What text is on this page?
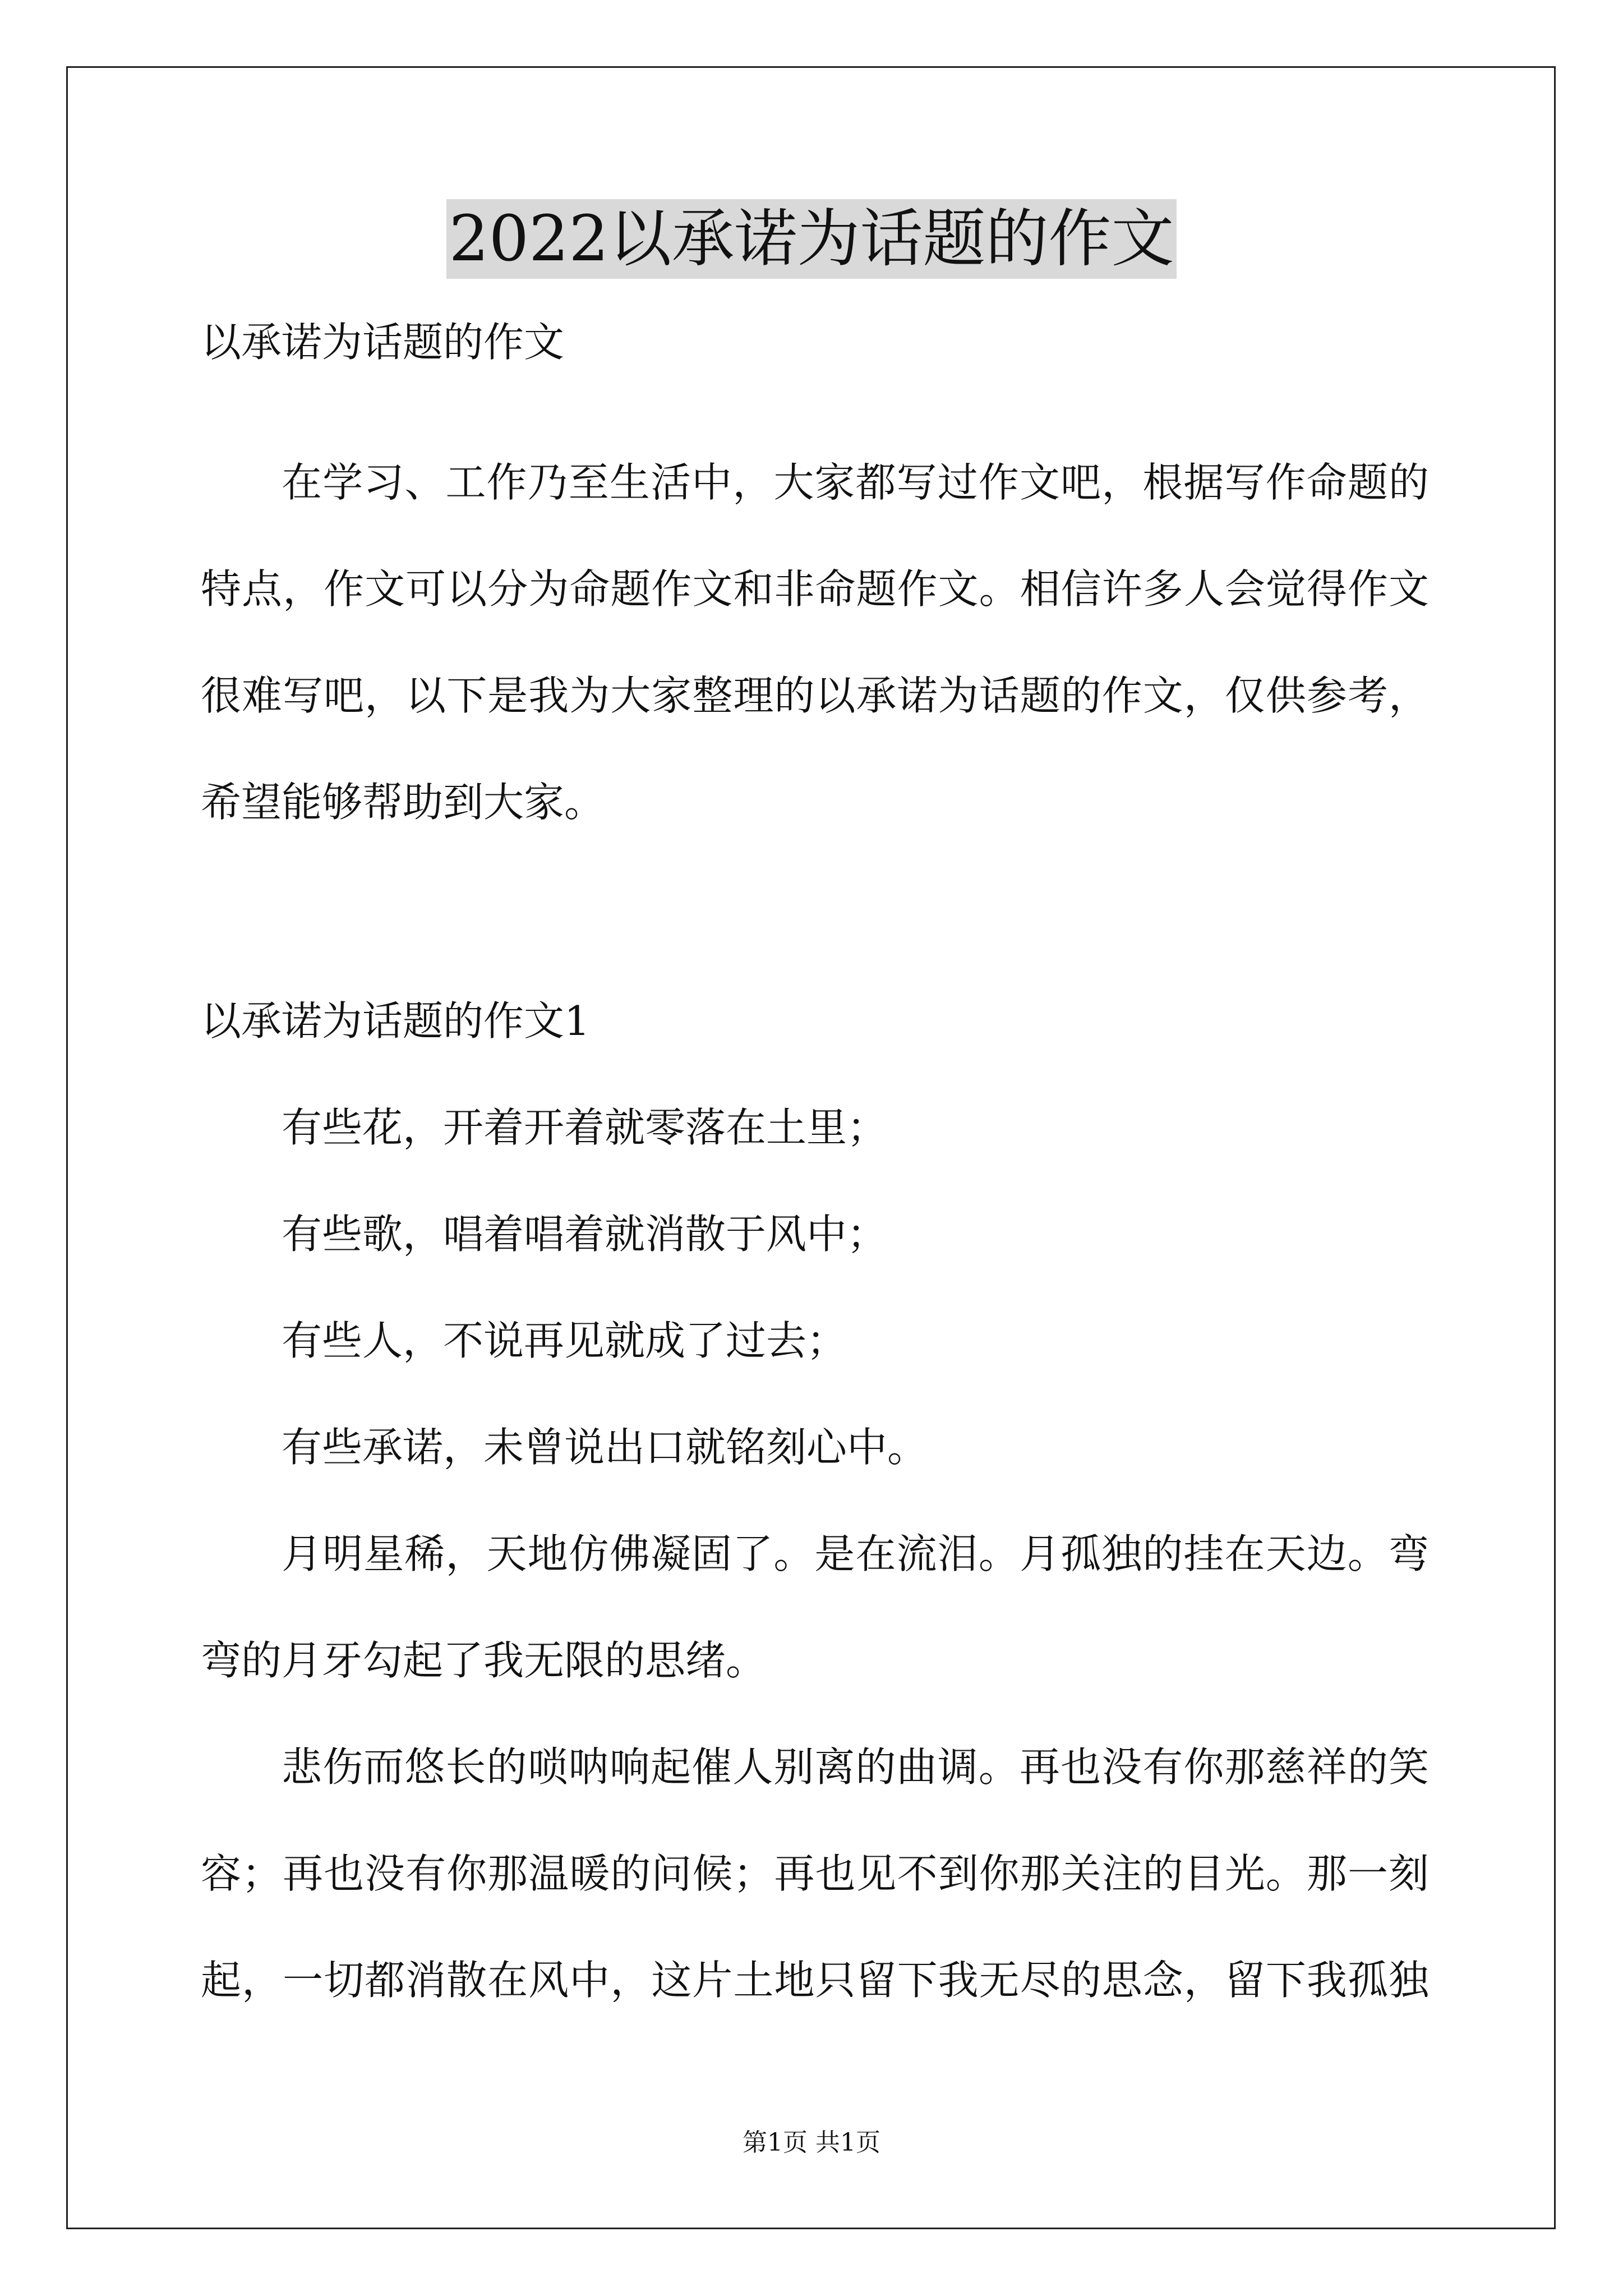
2022以承诺为话题的作文
以承诺为话题的作文
在学习、工作乃至生活中，大家都写过作文吧，根据写作命题的
特点，作文可以分为命题作文和非命题作文。相信许多人会觉得作文
很难写吧，以下是我为大家整理的以承诺为话题的作文，仅供参考，
希望能够帮助到大家。
以承诺为话题的作文1
有些花，开着开着就零落在土里；
有些歌，唱着唱着就消散于风中；
有些人，不说再见就成了过去；
有些承诺，未曾说出口就铭刻心中。
月明星稀，天地仿佛凝固了。是在流泪。月孤独的挂在天边。弯
弯的月牙勾起了我无限的思绪。
悲伤而悠长的唢呐响起催人别离的曲调。再也没有你那慈祥的笑
容；再也没有你那温暖的问候；再也见不到你那关注的目光。那一刻
起，一切都消散在风中，这片土地只留下我无尽的思念，留下我孤独
第1页 共1页
